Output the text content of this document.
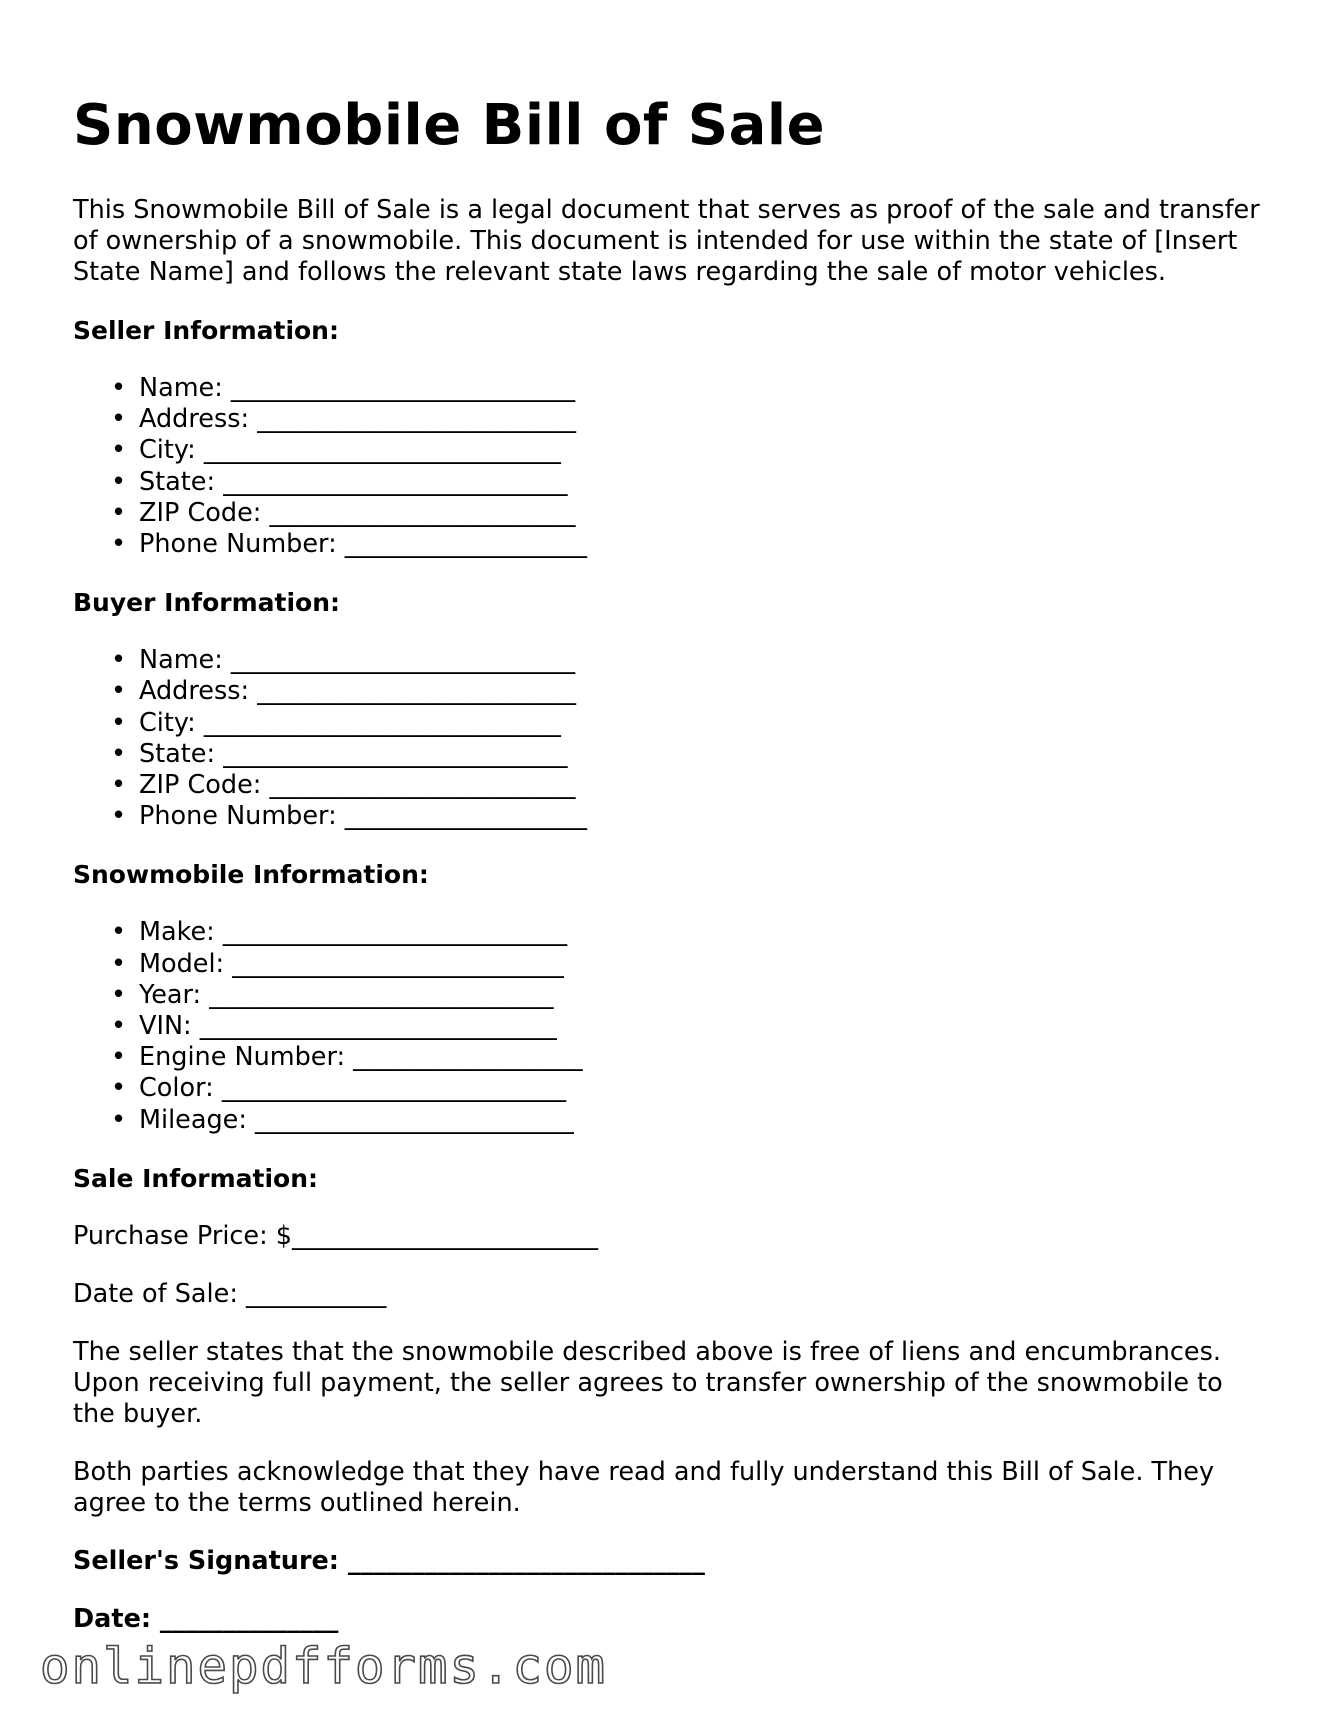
Snowmobile Bill of Sale

This Snowmobile Bill of Sale is a legal document that serves as proof of the sale and transfer of ownership of a snowmobile. This document is intended for use within the state of [Insert State Name] and follows the relevant state laws regarding the sale of motor vehicles.

Seller Information:
• Name: ___________________________
• Address: _________________________
• City: ____________________________
• State: ___________________________
• ZIP Code: ________________________
• Phone Number: ___________________
Buyer Information:
• Name: ___________________________
• Address: _________________________
• City: ____________________________
• State: ___________________________
• ZIP Code: ________________________
• Phone Number: ___________________
Snowmobile Information:
• Make: ___________________________
• Model: __________________________
• Year: ___________________________
• VIN: ____________________________
• Engine Number: __________________
• Color: ___________________________
• Mileage: _________________________
Sale Information:

Purchase Price: $________________________

Date of Sale: ___________

The seller states that the snowmobile described above is free of liens and encumbrances. Upon receiving full payment, the seller agrees to transfer ownership of the snowmobile to the buyer.

Both parties acknowledge that they have read and fully understand this Bill of Sale. They agree to the terms outlined herein.

Seller's Signature: ____________________________
Date: ______________
onlinepdfforms.com
